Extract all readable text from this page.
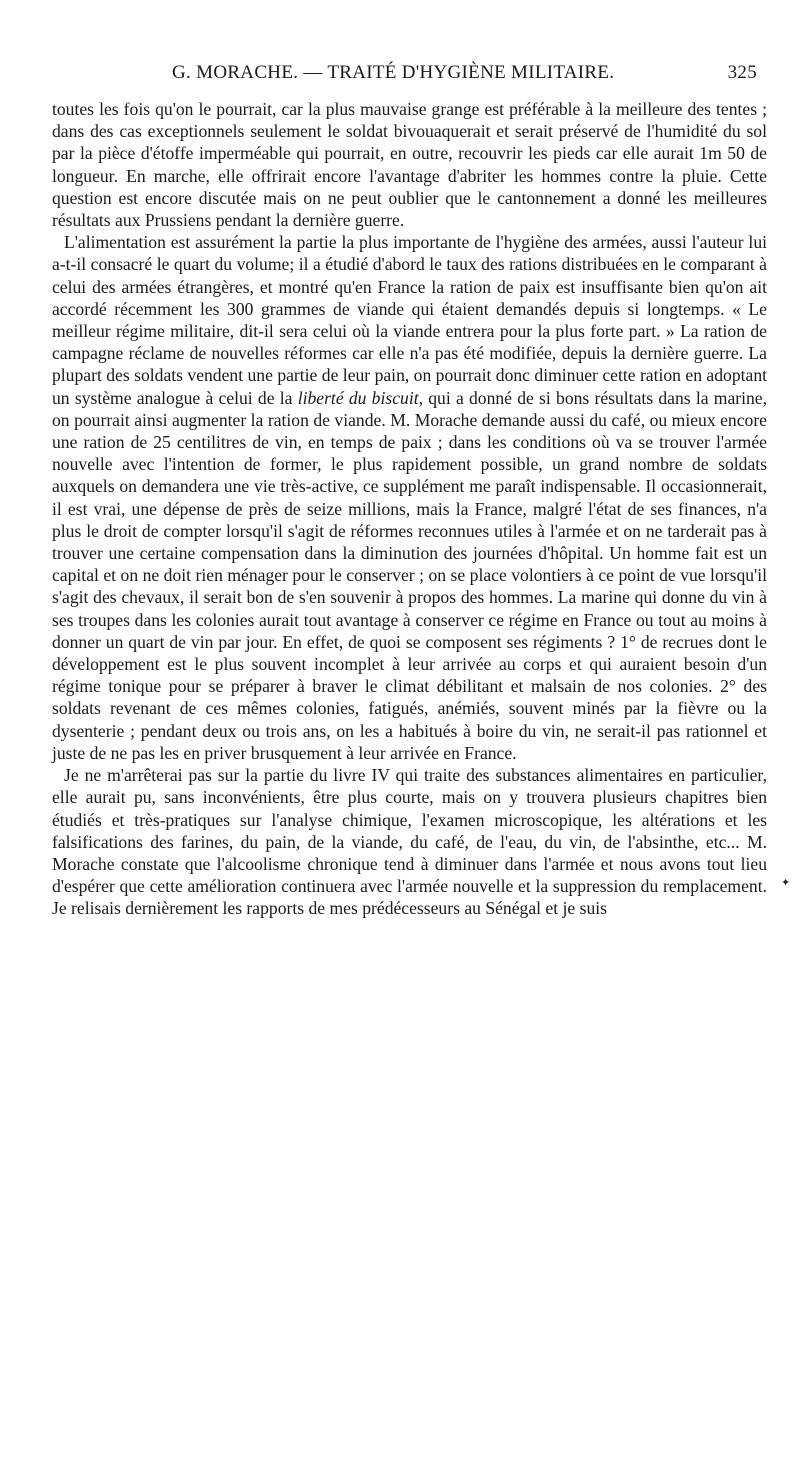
G. MORACHE. — TRAITÉ D'HYGIÈNE MILITAIRE.	325

toutes les fois qu'on le pourrait, car la plus mauvaise grange est préférable à la meilleure des tentes ; dans des cas exceptionnels seulement le soldat bivouaquerait et serait préservé de l'humidité du sol par la pièce d'étoffe imperméable qui pourrait, en outre, recouvrir les pieds car elle aurait 1m 50 de longueur. En marche, elle offrirait encore l'avantage d'abriter les hommes contre la pluie. Cette question est encore discutée mais on ne peut oublier que le cantonnement a donné les meilleures résultats aux Prussiens pendant la dernière guerre.

L'alimentation est assurément la partie la plus importante de l'hygiène des armées, aussi l'auteur lui a-t-il consacré le quart du volume; il a étudié d'abord le taux des rations distribuées en le comparant à celui des armées étrangères, et montré qu'en France la ration de paix est insuffisante bien qu'on ait accordé récemment les 300 grammes de viande qui étaient demandés depuis si longtemps. « Le meilleur régime militaire, dit-il sera celui où la viande entrera pour la plus forte part. » La ration de campagne réclame de nouvelles réformes car elle n'a pas été modifiée, depuis la dernière guerre. La plupart des soldats vendent une partie de leur pain, on pourrait donc diminuer cette ration en adoptant un système analogue à celui de la liberté du biscuit, qui a donné de si bons résultats dans la marine, on pourrait ainsi augmenter la ration de viande. M. Morache demande aussi du café, ou mieux encore une ration de 25 centilitres de vin, en temps de paix ; dans les conditions où va se trouver l'armée nouvelle avec l'intention de former, le plus rapidement possible, un grand nombre de soldats auxquels on demandera une vie très-active, ce supplément me paraît indispensable. Il occasionnerait, il est vrai, une dépense de près de seize millions, mais la France, malgré l'état de ses finances, n'a plus le droit de compter lorsqu'il s'agit de réformes reconnues utiles à l'armée et on ne tarderait pas à trouver une certaine compensation dans la diminution des journées d'hôpital. Un homme fait est un capital et on ne doit rien ménager pour le conserver ; on se place volontiers à ce point de vue lorsqu'il s'agit des chevaux, il serait bon de s'en souvenir à propos des hommes. La marine qui donne du vin à ses troupes dans les colonies aurait tout avantage à conserver ce régime en France ou tout au moins à donner un quart de vin par jour. En effet, de quoi se composent ses régiments ? 1° de recrues dont le développement est le plus souvent incomplet à leur arrivée au corps et qui auraient besoin d'un régime tonique pour se préparer à braver le climat débilitant et malsain de nos colonies. 2° des soldats revenant de ces mêmes colonies, fatigués, anémiés, souvent minés par la fièvre ou la dysenterie ; pendant deux ou trois ans, on les a habitués à boire du vin, ne serait-il pas rationnel et juste de ne pas les en priver brusquement à leur arrivée en France.

Je ne m'arrêterai pas sur la partie du livre IV qui traite des substances alimentaires en particulier, elle aurait pu, sans inconvénients, être plus courte, mais on y trouvera plusieurs chapitres bien étudiés et très-pratiques sur l'analyse chimique, l'examen microscopique, les altérations et les falsifications des farines, du pain, de la viande, du café, de l'eau, du vin, de l'absinthe, etc... M. Morache constate que l'alcoolisme chronique tend à diminuer dans l'armée et nous avons tout lieu d'espérer que cette amélioration continuera avec l'armée nouvelle et la suppression du remplacement. Je relisais dernièrement les rapports de mes prédécesseurs au Sénégal et je suis

✦
